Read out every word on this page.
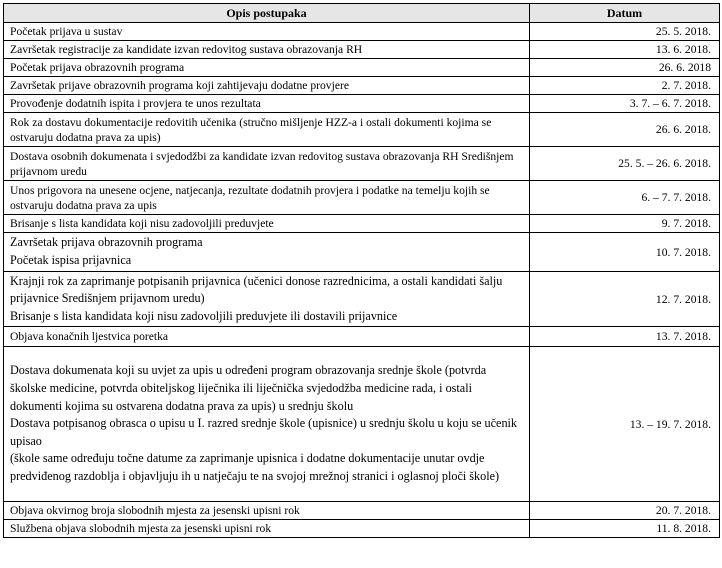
Opis postupaka	Datum

Početak prijava u sustav	25. 5. 2018.

Završetak registracije za kandidate izvan redovitog sustava obrazovanja RH	13. 6. 2018.

Početak prijava obrazovnih programa	26. 6. 2018

Završetak prijave obrazovnih programa koji zahtijevaju dodatne provjere	2. 7. 2018.

Provođenje dodatnih ispita i provjera te unos rezultata	3. 7. – 6. 7. 2018.

Rok za dostavu dokumentacije redovitih učenika (stručno mišljenje HZZ-a i ostali dokumenti kojima se ostvaruju dodatna prava za upis)	26. 6. 2018.

Dostava osobnih dokumenata i svjedodžbi za kandidate izvan redovitog sustava obrazovanja RH Središnjem prijavnom uredu	25. 5. – 26. 6. 2018.

Unos prigovora na unesene ocjene, natjecanja, rezultate dodatnih provjera i podatke na temelju kojih se ostvaruju dodatna prava za upis	6. – 7. 7. 2018.

Brisanje s lista kandidata koji nisu zadovoljili preduvjete	9. 7. 2018.

Završetak prijava obrazovnih programa
Početak ispisa prijavnica	10. 7. 2018.

Krajnji rok za zaprimanje potpisanih prijavnica (učenici donose razrednicima, a ostali kandidati šalju prijavnice Središnjem prijavnom uredu)
Brisanje s lista kandidata koji nisu zadovoljili preduvjete ili dostavili prijavnice	12. 7. 2018.

Objava konačnih ljestvica poretka	13. 7. 2018.

Dostava dokumenata koji su uvjet za upis u određeni program obrazovanja srednje škole (potvrda školske medicine, potvrda obiteljskog liječnika ili liječnička svjedodžba medicine rada, i ostali dokumenti kojima su ostvarena dodatna prava za upis) u srednju školu
Dostava potpisanog obrasca o upisu u I. razred srednje škole (upisnice) u srednju školu u koju se učenik upisao
(škole same određuju točne datume za zaprimanje upisnica i dodatne dokumentacije unutar ovdje predviđenog razdoblja i objavljuju ih u natječaju te na svojoj mrežnoj stranici i oglasnoj ploči škole)	13. – 19. 7. 2018.

Objava okvirnog broja slobodnih mjesta za jesenski upisni rok	20. 7. 2018.

Službena objava slobodnih mjesta za jesenski upisni rok	11. 8. 2018.
